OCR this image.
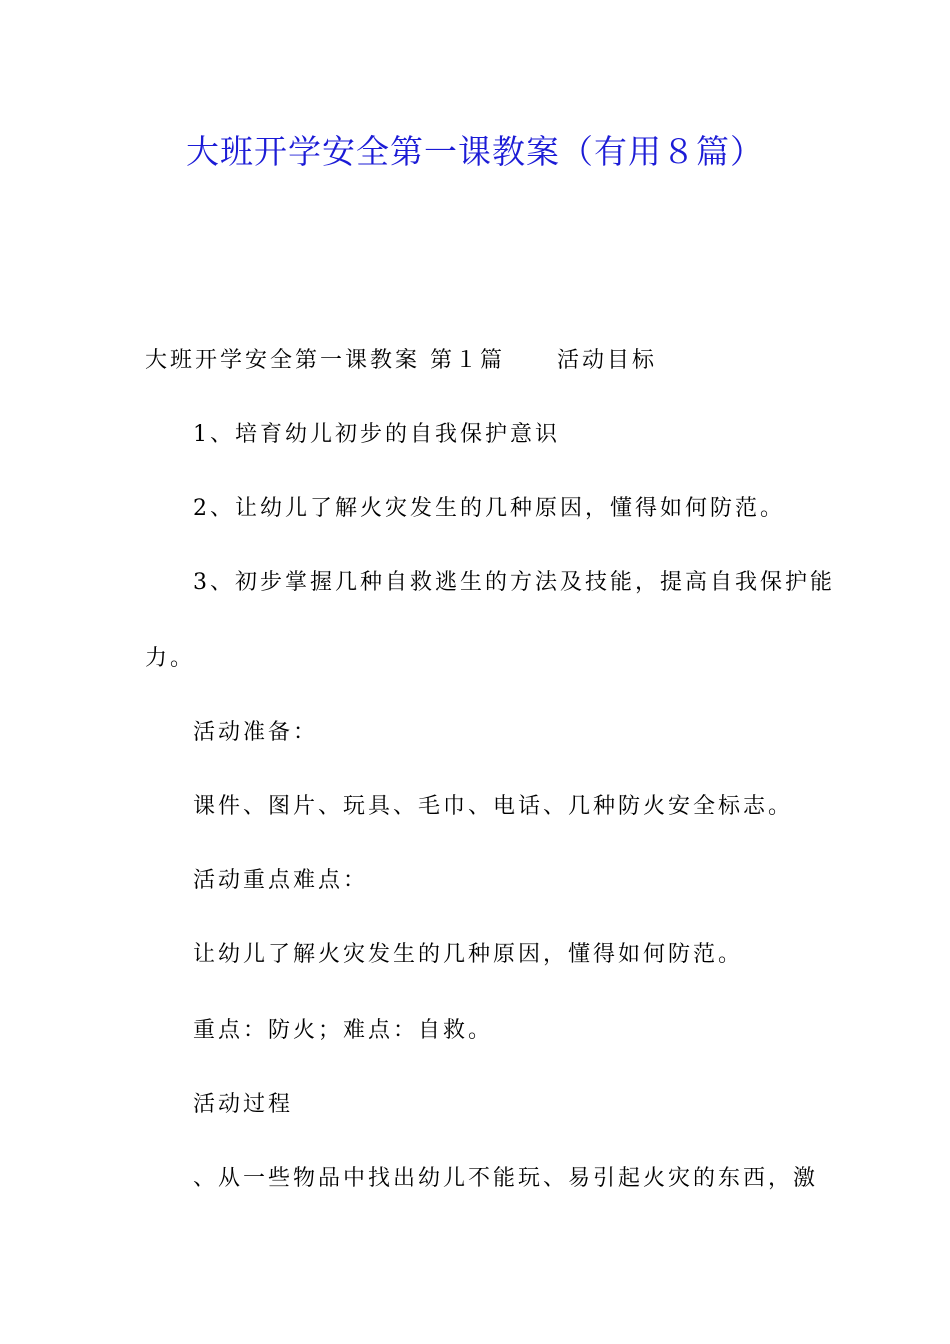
大班开学安全第一课教案（有用８篇）
大班开学安全第一课教案 第１篇 活动目标
1、培育幼儿初步的自我保护意识
2、让幼儿了解火灾发生的几种原因，懂得如何防范。
3、初步掌握几种自救逃生的方法及技能，提高自我保护能
力。
活动准备：
课件、图片、玩具、毛巾、电话、几种防火安全标志。
活动重点难点：
让幼儿了解火灾发生的几种原因，懂得如何防范。
重点：防火；难点：自救。
活动过程
、从一些物品中找出幼儿不能玩、易引起火灾的东西，激
